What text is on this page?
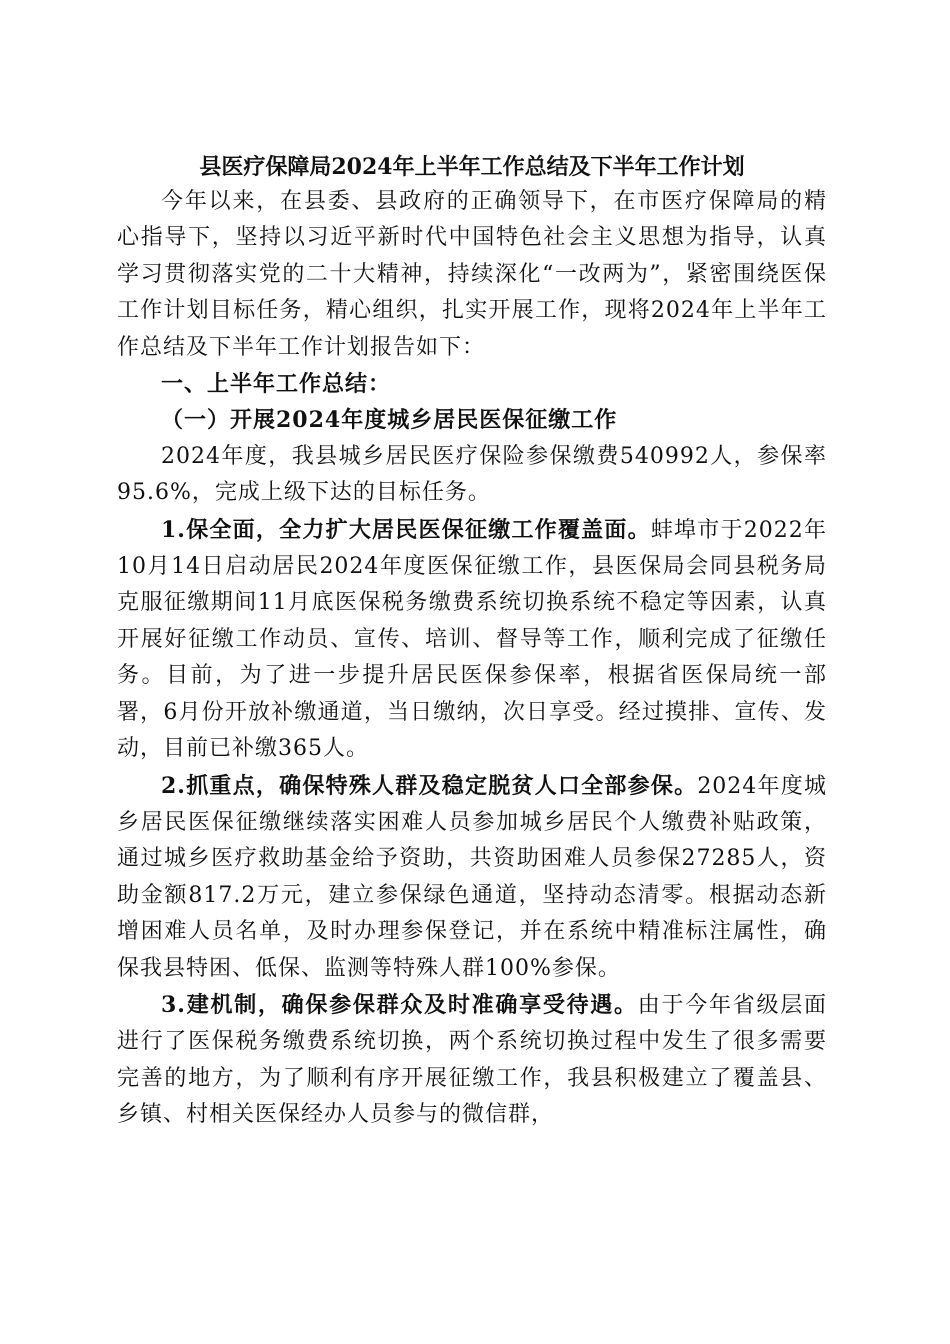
县医疗保障局2024年上半年工作总结及下半年工作计划

今年以来，在县委、县政府的正确领导下，在市医疗保障局的精心指导下，坚持以习近平新时代中国特色社会主义思想为指导，认真学习贯彻落实党的二十大精神，持续深化“一改两为”，紧密围绕医保工作计划目标任务，精心组织，扎实开展工作，现将2024年上半年工作总结及下半年工作计划报告如下：

一、上半年工作总结：

（一）开展2024年度城乡居民医保征缴工作

2024年度，我县城乡居民医疗保险参保缴费540992人，参保率95.6%，完成上级下达的目标任务。

1.保全面，全力扩大居民医保征缴工作覆盖面。蚌埠市于2022年10月14日启动居民2024年度医保征缴工作，县医保局会同县税务局克服征缴期间11月底医保税务缴费系统切换系统不稳定等因素，认真开展好征缴工作动员、宣传、培训、督导等工作，顺利完成了征缴任务。目前，为了进一步提升居民医保参保率，根据省医保局统一部署，6月份开放补缴通道，当日缴纳，次日享受。经过摸排、宣传、发动，目前已补缴365人。

2.抓重点，确保特殊人群及稳定脱贫人口全部参保。2024年度城乡居民医保征缴继续落实困难人员参加城乡居民个人缴费补贴政策，通过城乡医疗救助基金给予资助，共资助困难人员参保27285人，资助金额817.2万元，建立参保绿色通道，坚持动态清零。根据动态新增困难人员名单，及时办理参保登记，并在系统中精准标注属性，确保我县特困、低保、监测等特殊人群100%参保。

3.建机制，确保参保群众及时准确享受待遇。由于今年省级层面进行了医保税务缴费系统切换，两个系统切换过程中发生了很多需要完善的地方，为了顺利有序开展征缴工作，我县积极建立了覆盖县、乡镇、村相关医保经办人员参与的微信群，
